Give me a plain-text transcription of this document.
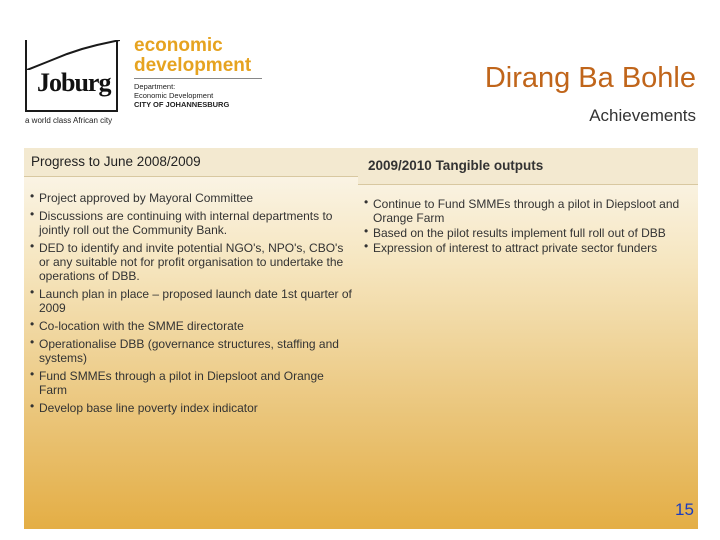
Joburg
a world class African city
economic
development
Department:
Economic Development
CITY OF JOHANNESBURG
Dirang Ba Bohle
Achievements
Progress to June 2008/2009
• Project approved by Mayoral Committee
• Discussions are continuing with internal departments to jointly roll out the Community Bank.
• DED to identify and invite potential NGO's, NPO's, CBO's or any suitable not for profit organisation to undertake the operations of DBB.
• Launch plan in place – proposed launch date 1st quarter of 2009
• Co-location with the SMME directorate
• Operationalise DBB (governance structures, staffing and systems)
• Fund SMMEs through a pilot in Diepsloot and Orange Farm
• Develop base line poverty index indicator
2009/2010 Tangible outputs
• Continue to Fund SMMEs through a pilot in Diepsloot and Orange Farm
• Based on the pilot results implement full roll out of DBB
• Expression of interest to attract private sector funders
15
